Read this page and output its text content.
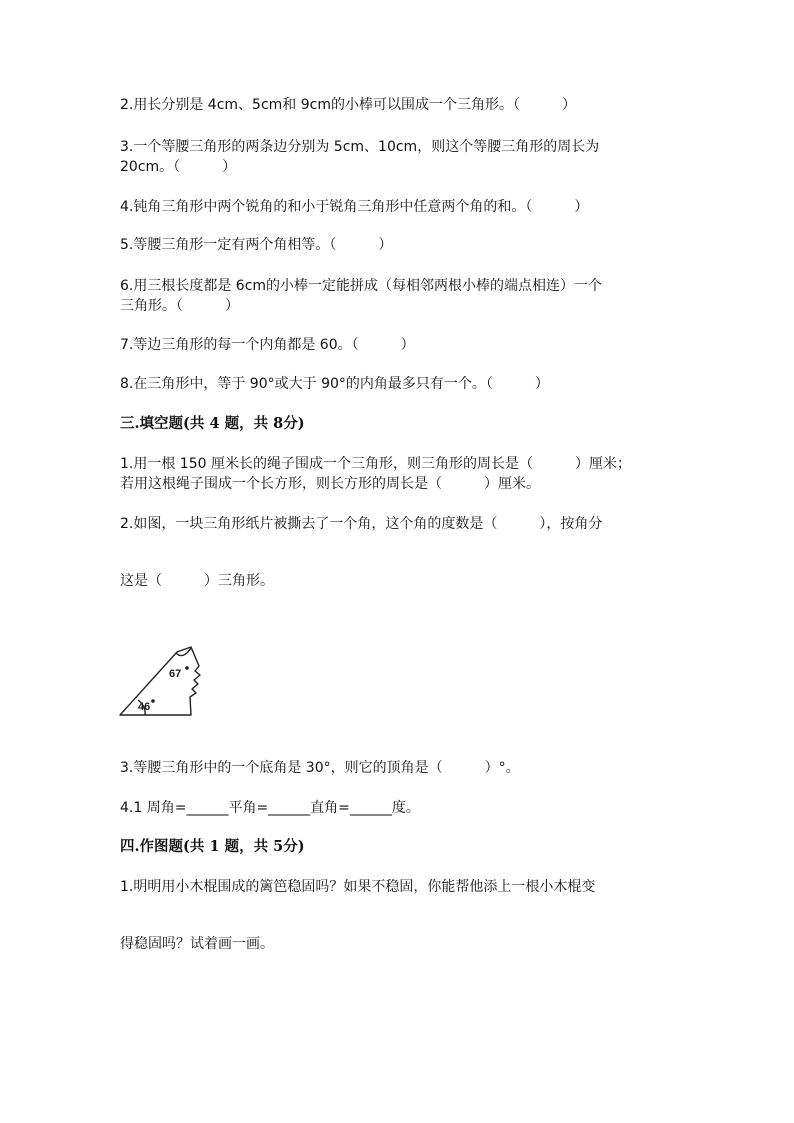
2.用长分别是 4cm、5cm和 9cm的小棒可以围成一个三角形。（　　　）
3.一个等腰三角形的两条边分别为 5cm、10cm，则这个等腰三角形的周长为
20cm。（　　　）
4.钝角三角形中两个锐角的和小于锐角三角形中任意两个角的和。（　　　）
5.等腰三角形一定有两个角相等。（　　　）
6.用三根长度都是 6cm的小棒一定能拼成（每相邻两根小棒的端点相连）一个
三角形。（　　　）
7.等边三角形的每一个内角都是 60。（　　　）
8.在三角形中，等于 90°或大于 90°的内角最多只有一个。（　　　）
三.填空题(共 4 题，共 8分)
1.用一根 150 厘米长的绳子围成一个三角形，则三角形的周长是（　　　）厘米；
若用这根绳子围成一个长方形，则长方形的周长是（　　　）厘米。
2.如图，一块三角形纸片被撕去了一个角，这个角的度数是（　　　），按角分
这是（　　　）三角形。
67
46
3.等腰三角形中的一个底角是 30°，则它的顶角是（　　　）°。
4.1 周角=______平角=______直角=______度。
四.作图题(共 1 题，共 5分)
1.明明用小木棍围成的篱笆稳固吗？如果不稳固，你能帮他添上一根小木棍变
得稳固吗？试着画一画。
